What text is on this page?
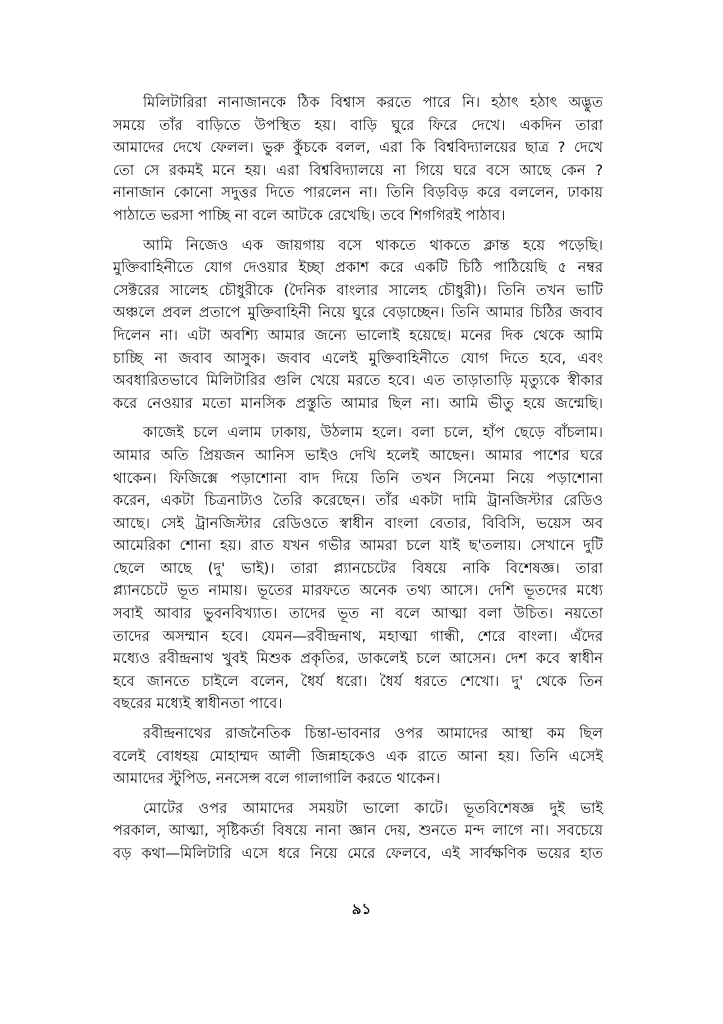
মিলিটারিরা নানাজানকে ঠিক বিশ্বাস করতে পারে নি। হঠাৎ হঠাৎ অদ্ভুত
সময়ে তাঁর বাড়িতে উপস্থিত হয়। বাড়ি ঘুরে ফিরে দেখে। একদিন তারা
আমাদের দেখে ফেলল। ভুরু কুঁচকে বলল, এরা কি বিশ্ববিদ্যালয়ের ছাত্র ? দেখে
তো সে রকমই মনে হয়। এরা বিশ্ববিদ্যালয়ে না গিয়ে ঘরে বসে আছে কেন ?
নানাজান কোনো সদুত্তর দিতে পারলেন না। তিনি বিড়বিড় করে বললেন, ঢাকায়
পাঠাতে ভরসা পাচ্ছি না বলে আটকে রেখেছি। তবে শিগগিরই পাঠাব।
আমি নিজেও এক জায়গায় বসে থাকতে থাকতে ক্লান্ত হয়ে পড়েছি।
মুক্তিবাহিনীতে যোগ দেওয়ার ইচ্ছা প্রকাশ করে একটি চিঠি পাঠিয়েছি ৫ নম্বর
সেক্টরের সালেহ চৌধুরীকে (দৈনিক বাংলার সালেহ চৌধুরী)। তিনি তখন ভাটি
অঞ্চলে প্রবল প্রতাপে মুক্তিবাহিনী নিয়ে ঘুরে বেড়াচ্ছেন। তিনি আমার চিঠির জবাব
দিলেন না। এটা অবশ্যি আমার জন্যে ভালোই হয়েছে। মনের দিক থেকে আমি
চাচ্ছি না জবাব আসুক। জবাব এলেই মুক্তিবাহিনীতে যোগ দিতে হবে, এবং
অবধারিতভাবে মিলিটারির গুলি খেয়ে মরতে হবে। এত তাড়াতাড়ি মৃত্যুকে স্বীকার
করে নেওয়ার মতো মানসিক প্রস্তুতি আমার ছিল না। আমি ভীতু হয়ে জন্মেছি।
কাজেই চলে এলাম ঢাকায়, উঠলাম হলে। বলা চলে, হাঁপ ছেড়ে বাঁচলাম।
আমার অতি প্রিয়জন আনিস ভাইও দেখি হলেই আছেন। আমার পাশের ঘরে
থাকেন। ফিজিক্সে পড়াশোনা বাদ দিয়ে তিনি তখন সিনেমা নিয়ে পড়াশোনা
করেন, একটা চিত্রনাট্যও তৈরি করেছেন। তাঁর একটা দামি ট্রানজিস্টার রেডিও
আছে। সেই ট্রানজিস্টার রেডিওতে স্বাধীন বাংলা বেতার, বিবিসি, ভয়েস অব
আমেরিকা শোনা হয়। রাত যখন গভীর আমরা চলে যাই ছ'তলায়। সেখানে দুটি
ছেলে আছে (দু' ভাই)। তারা প্ল্যানচেটের বিষয়ে নাকি বিশেষজ্ঞ। তারা
প্ল্যানচেটে ভূত নামায়। ভূতের মারফতে অনেক তথ্য আসে। দেশি ভূতদের মধ্যে
সবাই আবার ভুবনবিখ্যাত। তাদের ভূত না বলে আত্মা বলা উচিত। নয়তো
তাদের অসম্মান হবে। যেমন—রবীন্দ্রনাথ, মহাত্মা গান্ধী, শেরে বাংলা। এঁদের
মধ্যেও রবীন্দ্রনাথ খুবই মিশুক প্রকৃতির, ডাকলেই চলে আসেন। দেশ কবে স্বাধীন
হবে জানতে চাইলে বলেন, ধৈর্য ধরো। ধৈর্য ধরতে শেখো। দু' থেকে তিন
বছরের মধ্যেই স্বাধীনতা পাবে।
রবীন্দ্রনাথের রাজনৈতিক চিন্তা-ভাবনার ওপর আমাদের আস্থা কম ছিল
বলেই বোধহয় মোহাম্মদ আলী জিন্নাহকেও এক রাতে আনা হয়। তিনি এসেই
আমাদের স্টুপিড, ননসেন্স বলে গালাগালি করতে থাকেন।
মোটের ওপর আমাদের সময়টা ভালো কাটে। ভূতবিশেষজ্ঞ দুই ভাই
পরকাল, আত্মা, সৃষ্টিকর্তা বিষয়ে নানা জ্ঞান দেয়, শুনতে মন্দ লাগে না। সবচেয়ে
বড় কথা—মিলিটারি এসে ধরে নিয়ে মেরে ফেলবে, এই সার্বক্ষণিক ভয়ের হাত
৯১
